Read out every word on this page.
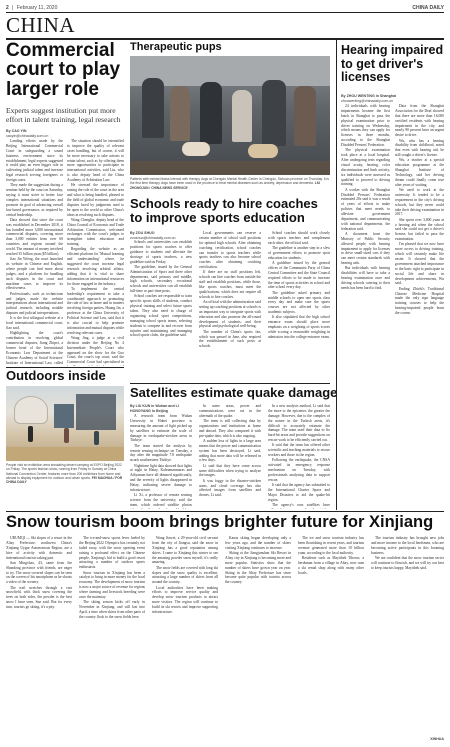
2 | February 11, 2020	CHINA DAILY
CHINA
Commercial court to play larger role
Experts suggest institution put more effort in talent training, legal research
By CAO YIN
caoyin@chinadaily.com.cn

Landing efforts made by the Beijing International Commercial Court in safeguarding a sound business environment since its establishment, legal experts suggested it could play an even bigger role in cultivating judicial talent and increase legal research serving foreigners or foreign cases.

They made the suggestion during a seminar held by the court on Saturday, saying it must strive to better face complex international situations and promote its goal of advancing overall law-based governance, as required by central leadership.

Data showed that since the court was established in December 2018, it has handled more 3,000 international commercial disputes, covering more than 3,000 entities from over 60 countries and regions around the world. The amount of money involved reached 35 billion yuan ($5 billion).

Jiao Jin Yifeng, the court launched its website in Chinese and English, where people can find more about judges, and a platform for handling such disputes in the court and maritime cases to improve its effectiveness.

Professionals, such as technicians and judges, made the website interpretations about international and judicial research, including notable disputes and judicial interpretations.

It is the first trilingual website at a local international commercial court, Jiao said.

Highlighting the court's contribution in resolving global commercial disputes, Jiang Zhipei, a former head of the International Economic Law Department at the Chinese Academy of Social Sciences' Institute of International Law, called

The situation should be intensified to improve the quality of relevant cases handling, but of course, it will be more necessary to take actions to retain talent, such as by offering them more opportunities to participate in international activities, said Liu, who is also deputy head of the China Academy of Arbitration Law.

He stressed the importance of raising the role of the court in the area and what is being handled, pleased to the field of global economic and trade disputes faced by judgments used to be open to the world so other China's ideas in resolving such disputes.

Wang Chenglin, deputy head of the China Council of Economic and Trade Arbitration Commission, welcomed exchanges with the court's judges to strengthen talent education and training.

Regarding the website as an efficient platform for 'Mutual learning and understanding' where, he suggested the court increase legal research involving arbitral affairs, adding that it is vital to share information on international resources for those engaged in the industry.

To implement the central leadership's requirement to take a coordinated approach to promoting the rule of law at home and in matters involving foreign parties, Huang Jin, a professor at the China University of Political Science and Law, said that it is also crucial to help promote information and mutual disputes while resolving relevant cases.

Wang Jing, a judge at a civil division under the Beijing No 4 Intermediate People's Court who appeared on the show for the Guo Court, the court's top court, said the Commercial Court had specialized in

Outdoors inside
People visit an exhibition area simulating desert camping at EXPO Beijing 2022 on Friday. The sports fashion show, running from Friday to Sunday at China National Convention Center, features more than 200 exhibitors from home and abroad to display equipment for outdoor and urban sports. FEI MAOHUA / FOR CHINA DAILY
Therapeutic pups
Patients with mental illness interact with therapy dogs at Chengdu Mental Health Center in Chengdu, Sichuan province on Thursday. It is the first time therapy dogs have been used in the province to treat mental diseases such as anxiety, depression and dementia. LIU ZHONGJUN / CHINA NEWS SERVICE
Schools ready to hire coaches to improve sports education
By ZOU SHUO
zoushuo@chinadaily.com.cn

Schools and universities can establish positions for sports coaches to offer guidance to students and alleviate the shortage of sports teachers, a new guideline said on Friday.

The guideline, issued by the General Administration of Sport and three other departments, said primary and middle, high schools, secondary vocational schools and universities can all establish full-time or part-time posts.

School coaches are responsible to train specific sports skills of students, conduct physical training and select future sports talent. They also need to charge of organizing school sport competitions, managing school sports teams, selecting students to compete in and recover from injuries and maintaining and managing school sports clubs, the guideline said.

Local governments can reserve a certain number of school staff positions for optimal high schools. After obtaining coaching certification, school coaches can transfer to sports teachers while sports teachers can also become school coaches after obtaining coaching certification.

If there are no staff positions left, schools can hire coaches from outside the staff and establish positions, while those, like sports coaches, must meet the qualifications, which does not require all schools to hire coaches.

An official with the administration said setting up coaching positions at schools is an important way to integrate sports with education and also promote the all-round development of students, and their physical and psychological well-being.

The number of China's sports fan, which was passed in June, also required the establishment of such posts at schools.

School coaches should work closely with sports teachers and complement each other, the official said.

The guideline is another step in a slew of government efforts to promote sport education for students.

A guideline issued by the general offices of the Communist Party of China Central Committee and the State Council required efforts to be made to increase the time of sports activities in school and after school every day.

The guideline asked primary and middle schools to open one sports class every day and make sure the sports courses are not affected by other academic subjects.

It also stipulated that the high school entrance exam should place more emphasis on a weighting of sports scores while scoring a reasonable weighting in admission into the college entrance exam.

Satellites estimate quake damage
By LIU KUN in Wuhan and LI HONGYANG in Beijing

A research team from Wuhan University in Hubei province is measuring the amount of light picked up by satellites to estimate the scale of damage in earthquake-stricken areas in Türkiye.

The team started the analysis by remote sensing technique on Tuesday, a day after the magnitude 7.8 earthquake struck southeastern Türkiye.

Nighttime light data showed that lights at night in Hatay, Kahramanmaras and Adiyaman have all dimmed significantly, and the severity of lights disappeared in Hatay, indicating severe damage to infrastructure.

Li Xi, a professor of remote sensing science from the university, said the team, which ordered satellite photos

In some areas, power and communications were cut in the aftermath of the quake.

The team is still collecting data by organizations and institutions at home and abroad. They also compared it with pre-quake data, which is also ongoing.

A sudden loss of lights in a large area means that the power and communication system has been destroyed, Li said, adding that more data will be released in a few days.

Li said that they have come across some difficulties when trying to analyze the images.

It was foggy in the disaster-stricken areas, and cloud coverage has also affected images from satellites and drones, Li said.

In a new analysis method, Li said that the more to the epicenter, the greater the damage. However, due to the complex of the nature in the Turkish areas, it's difficult to accurately estimate the damage. The team used their data to fix hard-hit areas and provide suggestions on rescue work to be efficiently carried out.

It said that the team has offered other scientific and teaching materials to rescue workers and those in the region.

Following the earthquake, the CNSA activated its emergency response mechanism on Tuesday, with professionals analyzing data to support rescue.

It said that the agency has submitted to the International Charter Space and Major Disasters to aid the quake-hit region.

The agency's own satellites have

Hearing impaired to get driver's licenses
By ZHOU WENTING in Shanghai
zhouwenting@chinadaily.com.cn

24 individuals with hearing impairments became the first batch in Shanghai to pass the physical examination prior to driver training on Wednesday, which means they can apply for licenses in three months, according to the Shanghai Disabled Persons' Federation.

The physical examination took place at a local hospital. After undergoing tests regarding visual acuity, hearing, color discrimination and limb activity, six individuals were assessed as qualified to proceed to driving training.

A worker with the Shanghai Disabled Persons' Federation estimated 20s said it was a result of years of efforts to make policies that meet needs to alleviate government department, and communicating with national departments, the federation said.

A document from the Ministry of Public Security allowed people with hearing impairment to apply for licenses to drive small-sized cars if they can meet certain standards with hearing aids.

But individuals with hearing disabilities will have to take a hearing examination once and driving schools catering to their needs has been hard to find.

Data from the Shanghai Association for the Deaf showed that there are more than 16,000 certified residents with hearing impairment in the city, and nearly 90 percent have an urgent desire to drive.

Wu, who has a hearing disability from childhood, noted that even with hearing aid, he still sought a driver's license.

Wu, a teacher at a special education programme at the Shanghai Institute of Technology, said her driving dream could finally come true after years of waiting.

We used to work at the university. It tended to be a requirement in the city's driving schools, but they never could take their driving examination in 2017.

She spent over 3,000 yuan at a hearing aid when the school said she could not get a driver's license, but failed to pass the examination.

I'm pleased that we now have more access to driving training, which will certainly make life easier. It showed that the government attached importance to the basic right to participate in social life and share in development achievements, Wu said.

Ending Zhizhi's Traditional Chinese Medicine Hospital made the only sign language training courses to help the hearing-impaired people learn the course.

Snow tourism boom brings brighter future for Xinjiang

URUMQI — Ski slopes of a resort in the Altay Prefecture, northwest China's Xinjiang Uygur Autonomous Region, are a hive of activity with domestic and international tourists taking part.

Sun Mingchao, 43, came from the Shandong province with friends, are eager to try. The snow-covered slopes can be seen on the screen of his smartphone as he shoots a video of the scenery.

The trail stretches through a vast snowfield, with thick snow covering the trees on both sides, the powder is the best snow I have seen, Sun said. But for every turn, tourists go skiing, it's a pity.

The ice-and-snow sports fever fueled by the Beijing 2022 Olympics has certainly not faded away, with the snow sporting event raising a profound effect on the Chinese people, Xinjiang's bid to build a good resort attracting a number of outdoor sports enthusiasts.

Snow tourism in Xinjiang has been a catalyst to bring in more money for the local economy. The development of snow tourism is now a major source of revenue for regions where farming and livestock breeding were once the mainstay.

The skiing season kicks off early in November in Xinjiang, and will last into April, a time when skiers from other parts of the country flock to the snow fields here.

Wang Jiawei, a 29-year-old civil servant from the city of Jiangsu, said the snow in Xinjiang has a good reputation among skiers. I came to Xinjiang this winter to see the amazing powder snow myself, it's really amazing.

The snow fields are covered with long ski slopes and the snow quality is excellent, attracting a large number of skiers from all around the country.

Local authorities have been making efforts to improve service quality and develop snow tourism products to attract more visitors. The region will continue to build its ski resorts and improve supporting infrastructure.

Kanas skiing began developing only a few years ago, and the number of skiers visiting Xinjiang continues to increase.

Skiing at the Jiangjunshan Ski Resort in Altay city in Xinjiang is becoming more and more popular. Statistics show that the number of skiers have grown year on year. Skiing in the Altay Prefecture has since become quite popular with tourists across the country.

The ice and snow tourism industry has been flourishing in recent years, and tourism revenue generated more than 10 billion yuan, according to the local authority.

Residents such as Mayithek Tiherac, a herdsman from a village in Altay, now runs a ski rental shop along with many other locals.

The tourism industry has brought new jobs and more income to the local herdsmen, who are becoming active participants in this booming business.

We are confident that the snow tourism sector will continue to flourish, and we will try our best to keep tourists happy, Mayithek said.

XINHUA
